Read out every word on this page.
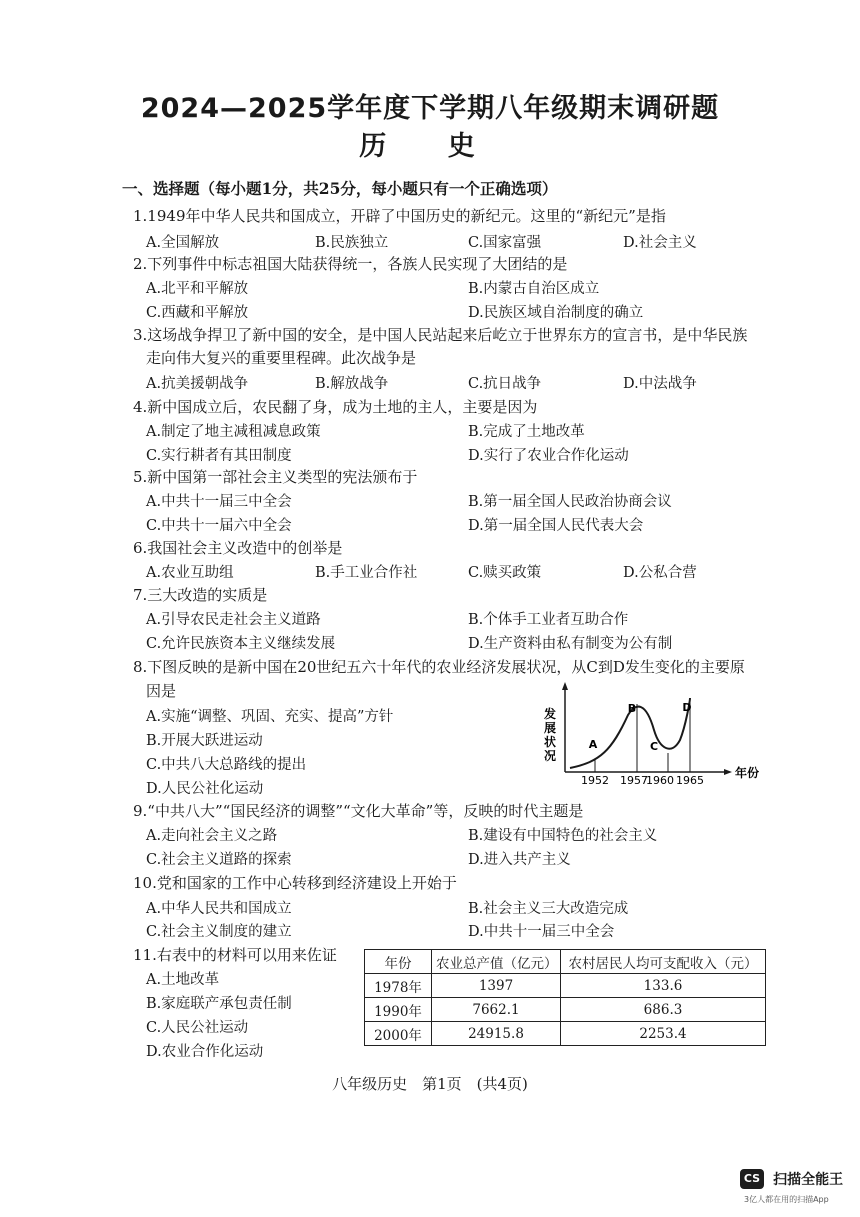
2024—2025学年度下学期八年级期末调研题
历 史
一、选择题（每小题1分，共25分，每小题只有一个正确选项）
1.1949年中华人民共和国成立，开辟了中国历史的新纪元。这里的“新纪元”是指
A.全国解放	B.民族独立	C.国家富强	D.社会主义
2.下列事件中标志祖国大陆获得统一，各族人民实现了大团结的是
A.北平和平解放	B.内蒙古自治区成立
C.西藏和平解放	D.民族区域自治制度的确立
3.这场战争捍卫了新中国的安全，是中国人民站起来后屹立于世界东方的宣言书，是中华民族
走向伟大复兴的重要里程碑。此次战争是
A.抗美援朝战争	B.解放战争	C.抗日战争	D.中法战争
4.新中国成立后，农民翻了身，成为土地的主人，主要是因为
A.制定了地主减租减息政策	B.完成了土地改革
C.实行耕者有其田制度	D.实行了农业合作化运动
5.新中国第一部社会主义类型的宪法颁布于
A.中共十一届三中全会	B.第一届全国人民政治协商会议
C.中共十一届六中全会	D.第一届全国人民代表大会
6.我国社会主义改造中的创举是
A.农业互助组	B.手工业合作社	C.赎买政策	D.公私合营
7.三大改造的实质是
A.引导农民走社会主义道路	B.个体手工业者互助合作
C.允许民族资本主义继续发展	D.生产资料由私有制变为公有制
8.下图反映的是新中国在20世纪五六十年代的农业经济发展状况，从C到D发生变化的主要原
因是
A.实施“调整、巩固、充实、提高”方针
B.开展大跃进运动
C.中共八大总路线的提出
D.人民公社化运动
发
展
状
况
A
B
C
D
1952 1957
1960 1965
年份
9.“中共八大”“国民经济的调整”“文化大革命”等，反映的时代主题是
A.走向社会主义之路	B.建设有中国特色的社会主义
C.社会主义道路的探索	D.进入共产主义
10.党和国家的工作中心转移到经济建设上开始于
A.中华人民共和国成立	B.社会主义三大改造完成
C.社会主义制度的建立	D.中共十一届三中全会
11.右表中的材料可以用来佐证
A.土地改革
B.家庭联产承包责任制
C.人民公社运动
D.农业合作化运动
年份	农业总产值（亿元）	农村居民人均可支配收入（元）
1978年	1397	133.6
1990年	7662.1	686.3
2000年	24915.8	2253.4
八年级历史　第1页　(共4页)
CS 扫描全能王
3亿人都在用的扫描App
